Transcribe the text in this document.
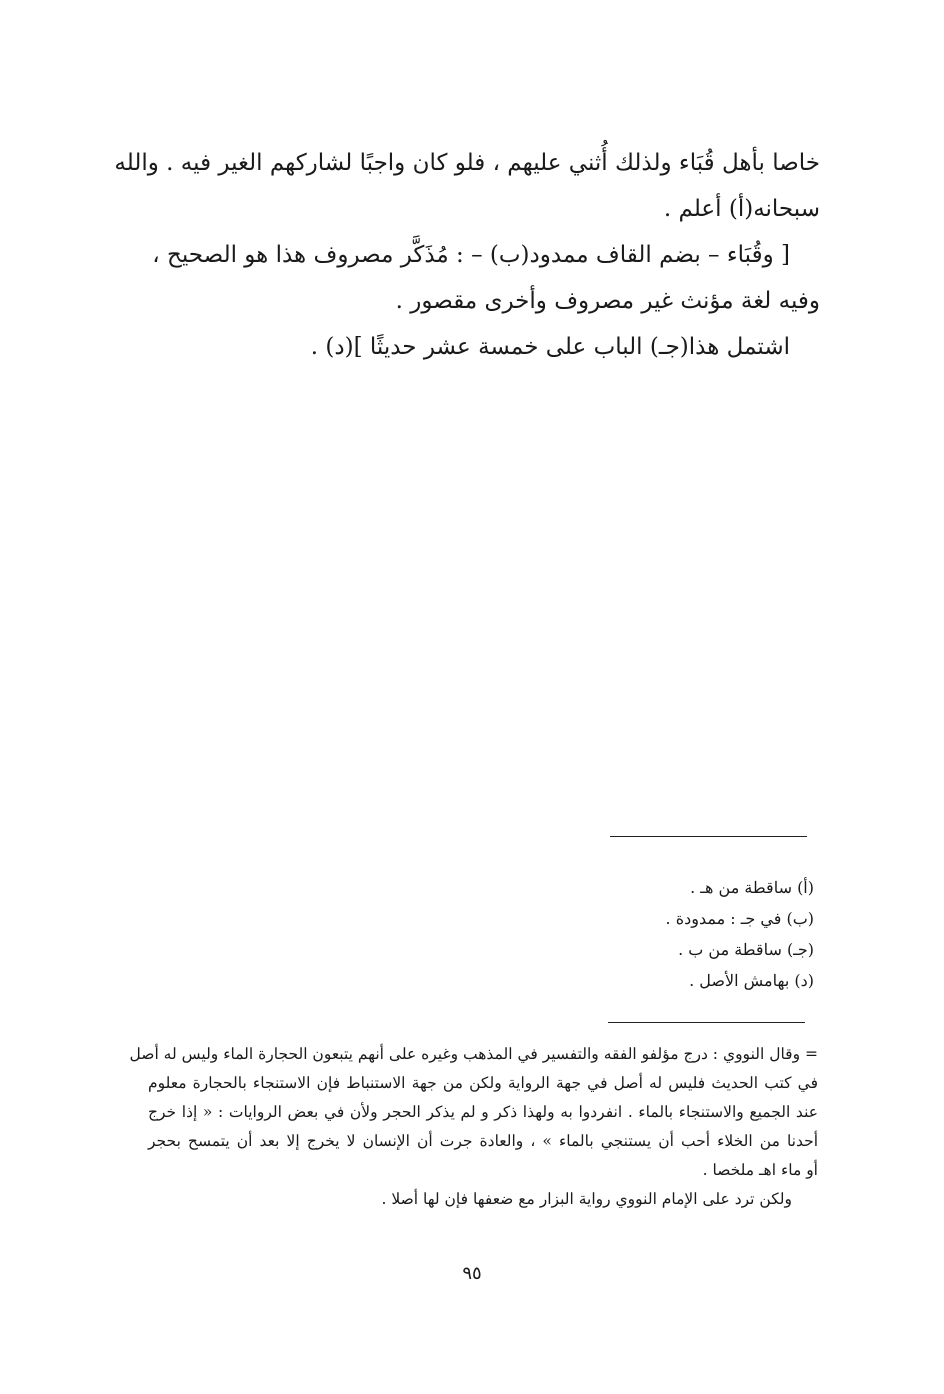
خاصا بأهل قُبَاء ولذلك أُثني عليهم ، فلو كان واجبًا لشاركهم الغير فيه . والله
سبحانه(أ) أعلم .
[ وقُبَاء – بضم القاف ممدود(ب) – : مُذَكَّر مصروف هذا هو الصحيح ،
وفيه لغة مؤنث غير مصروف وأخرى مقصور .
اشتمل هذا(جـ) الباب على خمسة عشر حديثًا ](د) .
(أ) ساقطة من هـ .
(ب) في جـ : ممدودة .
(جـ) ساقطة من ب .
(د) بهامش الأصل .
= وقال النووي : درج مؤلفو الفقه والتفسير في المذهب وغيره على أنهم يتبعون الحجارة الماء وليس له أصل
في كتب الحديث فليس له أصل في جهة الرواية ولكن من جهة الاستنباط فإن الاستنجاء بالحجارة معلوم
عند الجميع والاستنجاء بالماء . انفردوا به ولهذا ذكر و لم يذكر الحجر ولأن في بعض الروايات : « إذا خرج
أحدنا من الخلاء أحب أن يستنجي بالماء » ، والعادة جرت أن الإنسان لا يخرج إلا بعد أن يتمسح بحجر
أو ماء اهـ ملخصا .
ولكن ترد على الإمام النووي رواية البزار مع ضعفها فإن لها أصلا .
٩٥
